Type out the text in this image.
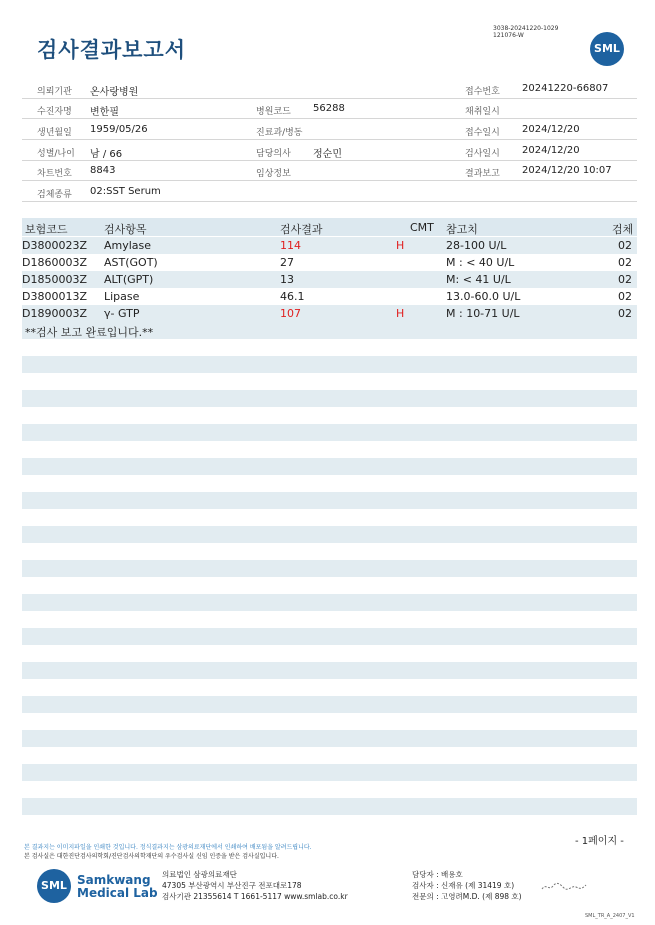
검사결과보고서
3038-20241220-1029
121076-W
SML
의뢰기관 온사랑병원	접수번호 20241220-66807
수진자명 변한필	병원코드 56288	채취일시
생년월일 1959/05/26	진료과/병동	접수일시 2024/12/20
성별/나이 남 / 66	담당의사 정순민	검사일시 2024/12/20
차트번호 8843	임상정보	결과보고 2024/12/20 10:07
검체종류 02:SST Serum
보험코드	검사항목	검사결과	CMT 참고치	검체
D3800023Z Amylase	114	H	28-100 U/L	02
D1860003Z AST(GOT)	27	M : < 40 U/L	02
D1850003Z ALT(GPT)	13	M: < 41 U/L	02
D3800013Z Lipase	46.1	13.0-60.0 U/L	02
D1890003Z γ- GTP	107	H	M : 10-71 U/L	02
**검사 보고 완료입니다.**
- 1페이지 -
본 결과지는 이미지파일을 인쇄한 것입니다. 정식결과지는 삼광의료재단에서 인쇄하여 배포됨을 알려드립니다.
본 검사실은 대한진단검사의학회/진단검사의학재단의 우수검사실 신임 인증을 받은 검사실입니다.
SML Samkwang
Medical Lab
의료법인 삼광의료재단
47305 부산광역시 부산진구 전포대로178
검사기관 21355614 T 1661-5117 www.smlab.co.kr
담당자 : 배용호
검사자 : 신재유 (제 31419 호)
전문의 : 고영려M.D. (제 898 호)
SML_TR_A_2407_V1
